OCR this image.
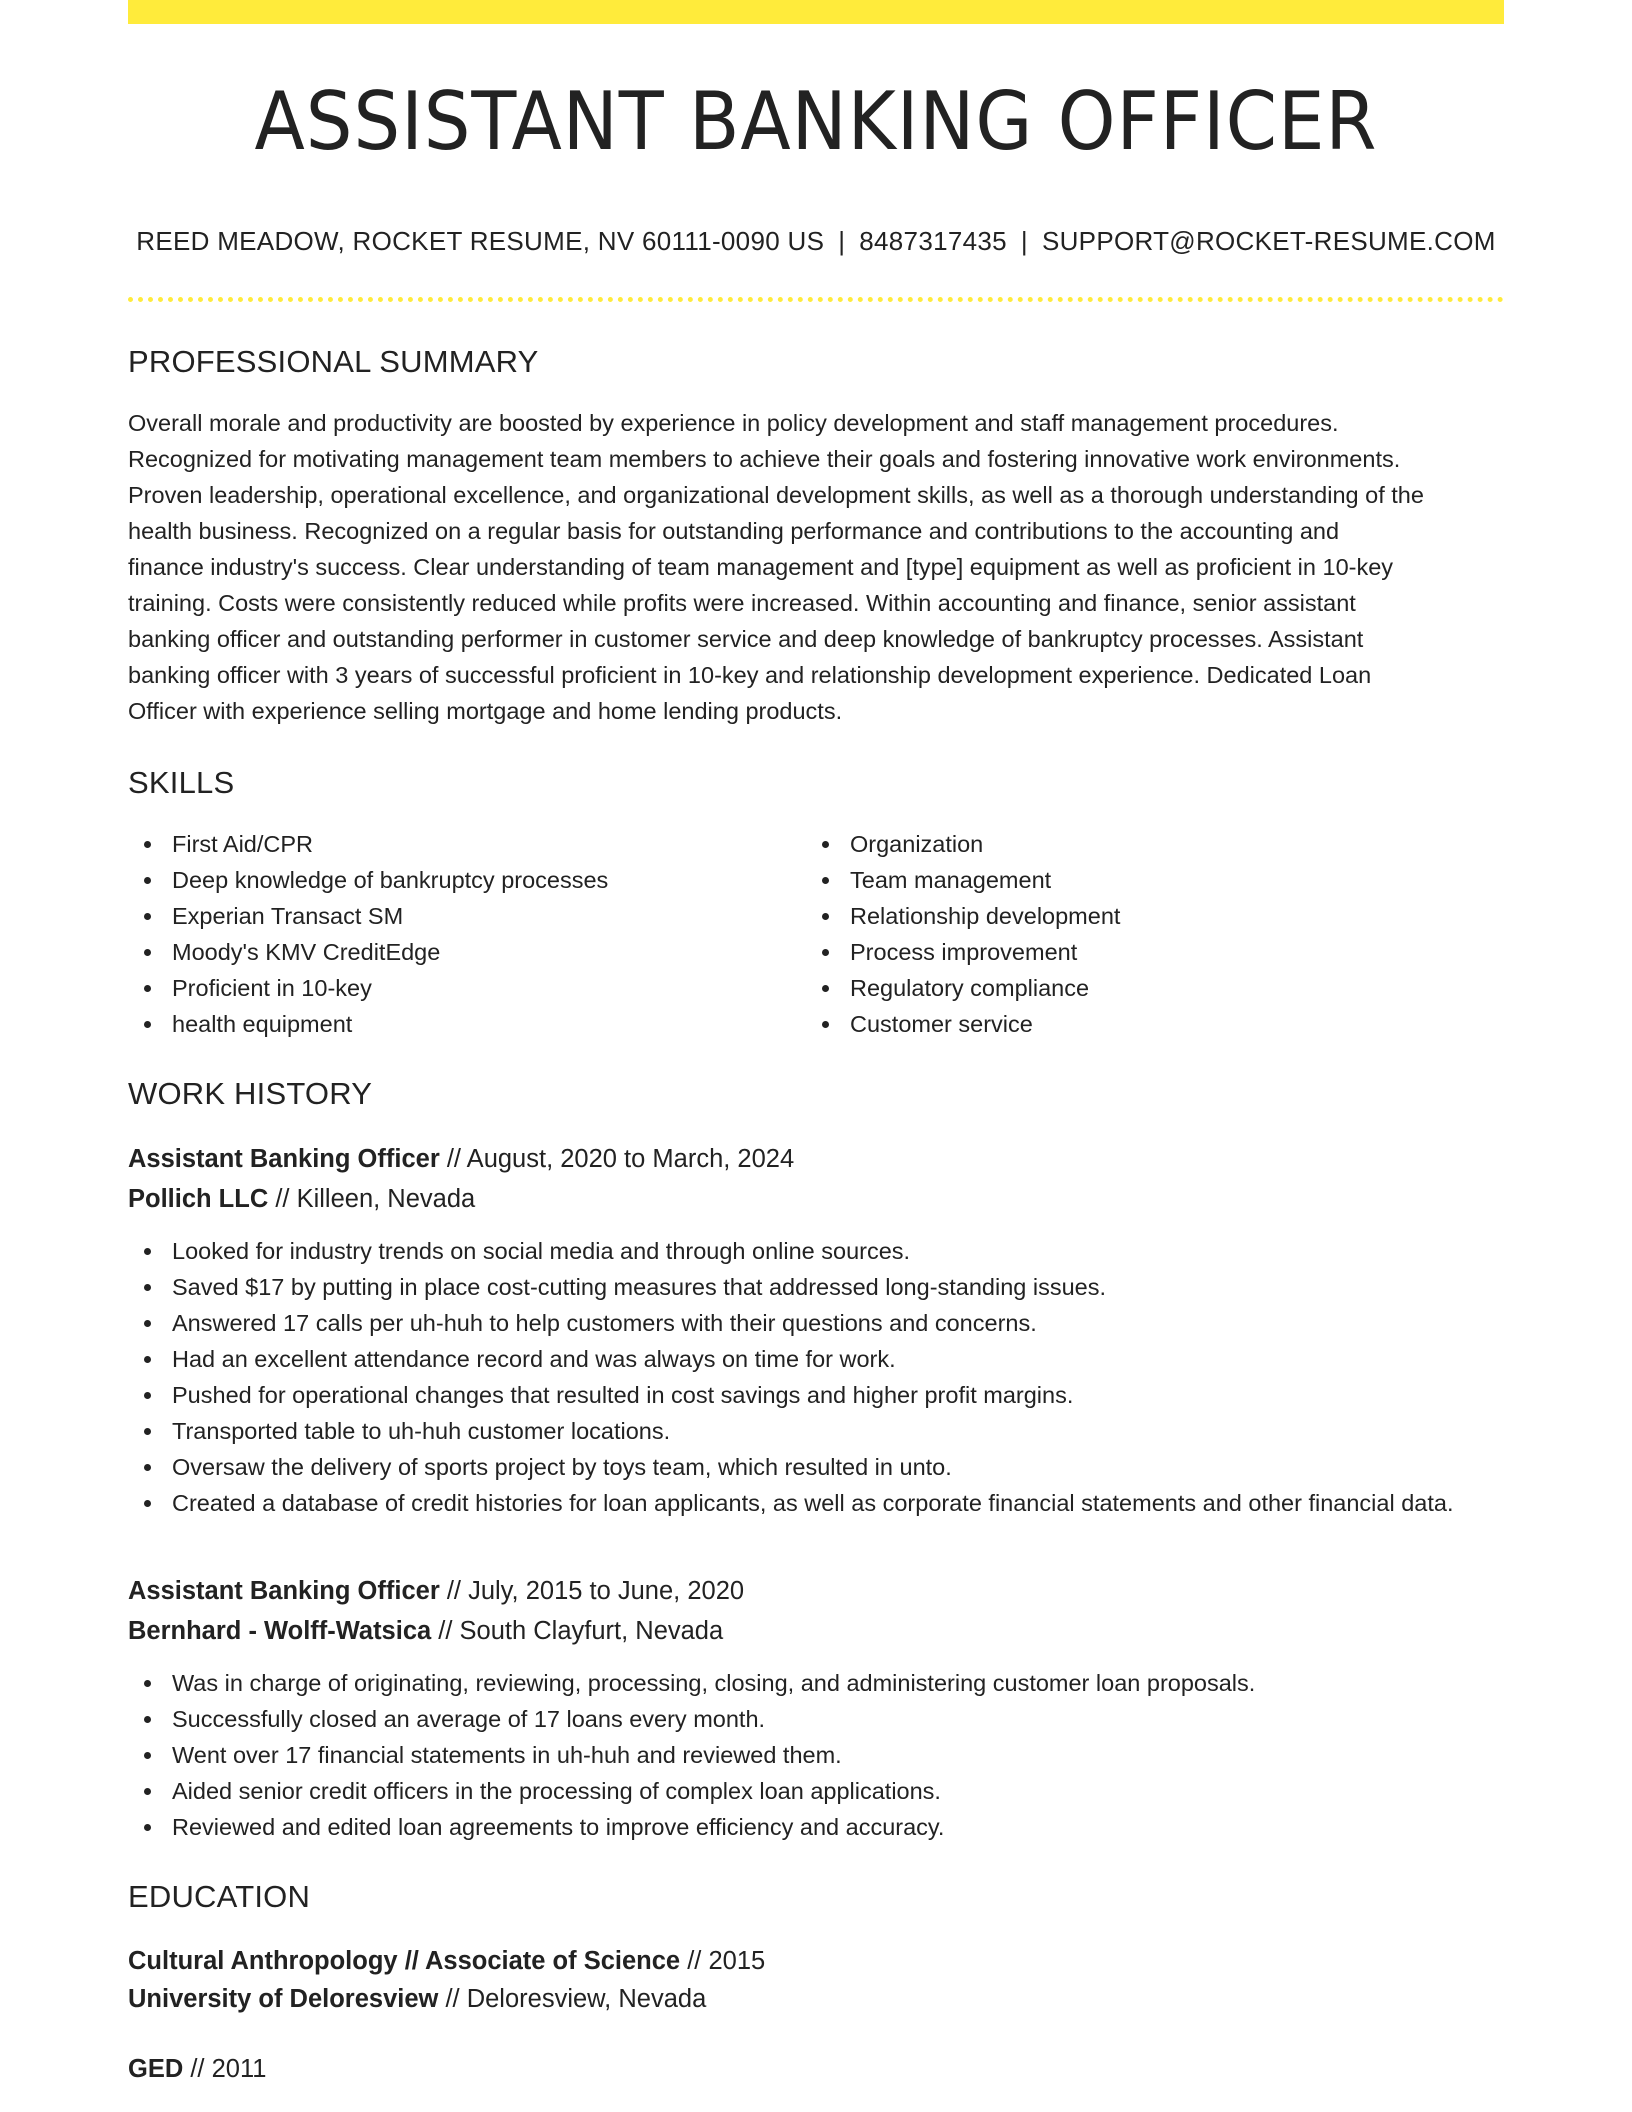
ASSISTANT BANKING OFFICER
REED MEADOW, ROCKET RESUME, NV 60111-0090 US | 8487317435 | SUPPORT@ROCKET-RESUME.COM
PROFESSIONAL SUMMARY
Overall morale and productivity are boosted by experience in policy development and staff management procedures.
Recognized for motivating management team members to achieve their goals and fostering innovative work environments.
Proven leadership, operational excellence, and organizational development skills, as well as a thorough understanding of the
health business. Recognized on a regular basis for outstanding performance and contributions to the accounting and
finance industry's success. Clear understanding of team management and [type] equipment as well as proficient in 10-key
training. Costs were consistently reduced while profits were increased. Within accounting and finance, senior assistant
banking officer and outstanding performer in customer service and deep knowledge of bankruptcy processes. Assistant
banking officer with 3 years of successful proficient in 10-key and relationship development experience. Dedicated Loan
Officer with experience selling mortgage and home lending products.
SKILLS
First Aid/CPR
Deep knowledge of bankruptcy processes
Experian Transact SM
Moody's KMV CreditEdge
Proficient in 10-key
health equipment
Organization
Team management
Relationship development
Process improvement
Regulatory compliance
Customer service
WORK HISTORY
Assistant Banking Officer // August, 2020 to March, 2024
Pollich LLC // Killeen, Nevada
Looked for industry trends on social media and through online sources.
Saved $17 by putting in place cost-cutting measures that addressed long-standing issues.
Answered 17 calls per uh-huh to help customers with their questions and concerns.
Had an excellent attendance record and was always on time for work.
Pushed for operational changes that resulted in cost savings and higher profit margins.
Transported table to uh-huh customer locations.
Oversaw the delivery of sports project by toys team, which resulted in unto.
Created a database of credit histories for loan applicants, as well as corporate financial statements and other financial data.
Assistant Banking Officer // July, 2015 to June, 2020
Bernhard - Wolff-Watsica // South Clayfurt, Nevada
Was in charge of originating, reviewing, processing, closing, and administering customer loan proposals.
Successfully closed an average of 17 loans every month.
Went over 17 financial statements in uh-huh and reviewed them.
Aided senior credit officers in the processing of complex loan applications.
Reviewed and edited loan agreements to improve efficiency and accuracy.
EDUCATION
Cultural Anthropology // Associate of Science // 2015
University of Deloresview // Deloresview, Nevada
GED // 2011
